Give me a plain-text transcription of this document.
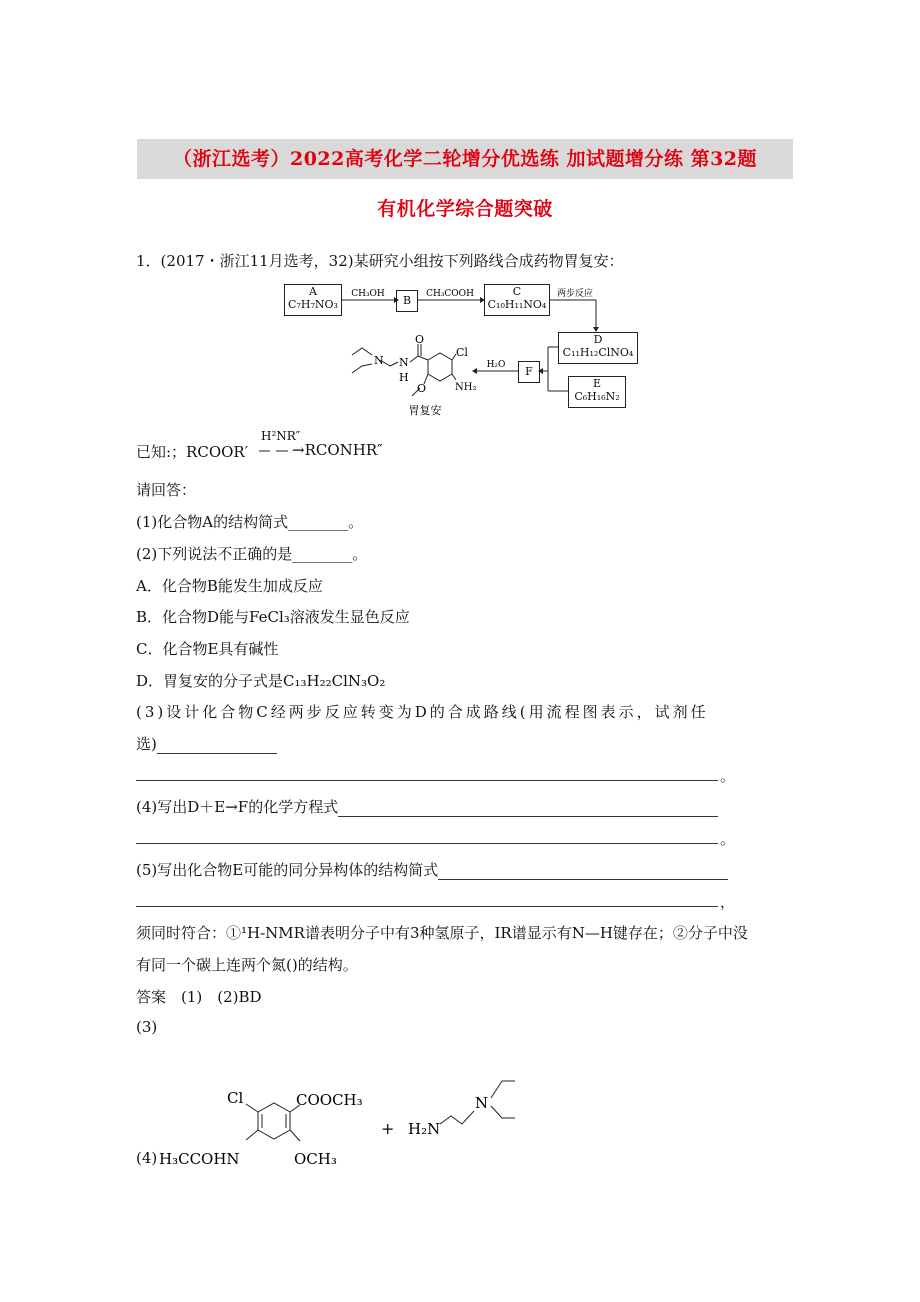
（浙江选考）2022高考化学二轮增分优选练 加试题增分练 第32题
有机化学综合题突破
1．(2017・浙江11月选考，32)某研究小组按下列路线合成药物胃复安：
A
C₇H₇NO₃	B
C
C₁₀H₁₁NO₄
D
C₁₁H₁₂ClNO₄
F
E
C₆H₁₆N₂
CH₃OH	CH₃COOH	两步反应
H₂O
N N
H
O
Cl
NH₂
O
胃复安
已知:；RCOOR′
H²NR″
→RCONHR″
请回答：
(1)化合物A的结构简式________。
(2)下列说法不正确的是________。
A．化合物B能发生加成反应
B．化合物D能与FeCl₃溶液发生显色反应
C．化合物E具有碱性
D．胃复安的分子式是C₁₃H₂₂ClN₃O₂
(3)设计化合物C经两步反应转变为D的合成路线(用流程图表示，试剂任
选)
。
(4)写出D＋E→F的化学方程式
。
(5)写出化合物E可能的同分异构体的结构简式
，
须同时符合：①¹H-NMR谱表明分子中有3种氢原子，IR谱显示有N—H键存在；②分子中没
有同一个碳上连两个氮()的结构。
答案　(1)　(2)BD
(3)
(4)
Cl	COOCH₃
H₃CCOHN	OCH₃
+ H₂N
N
